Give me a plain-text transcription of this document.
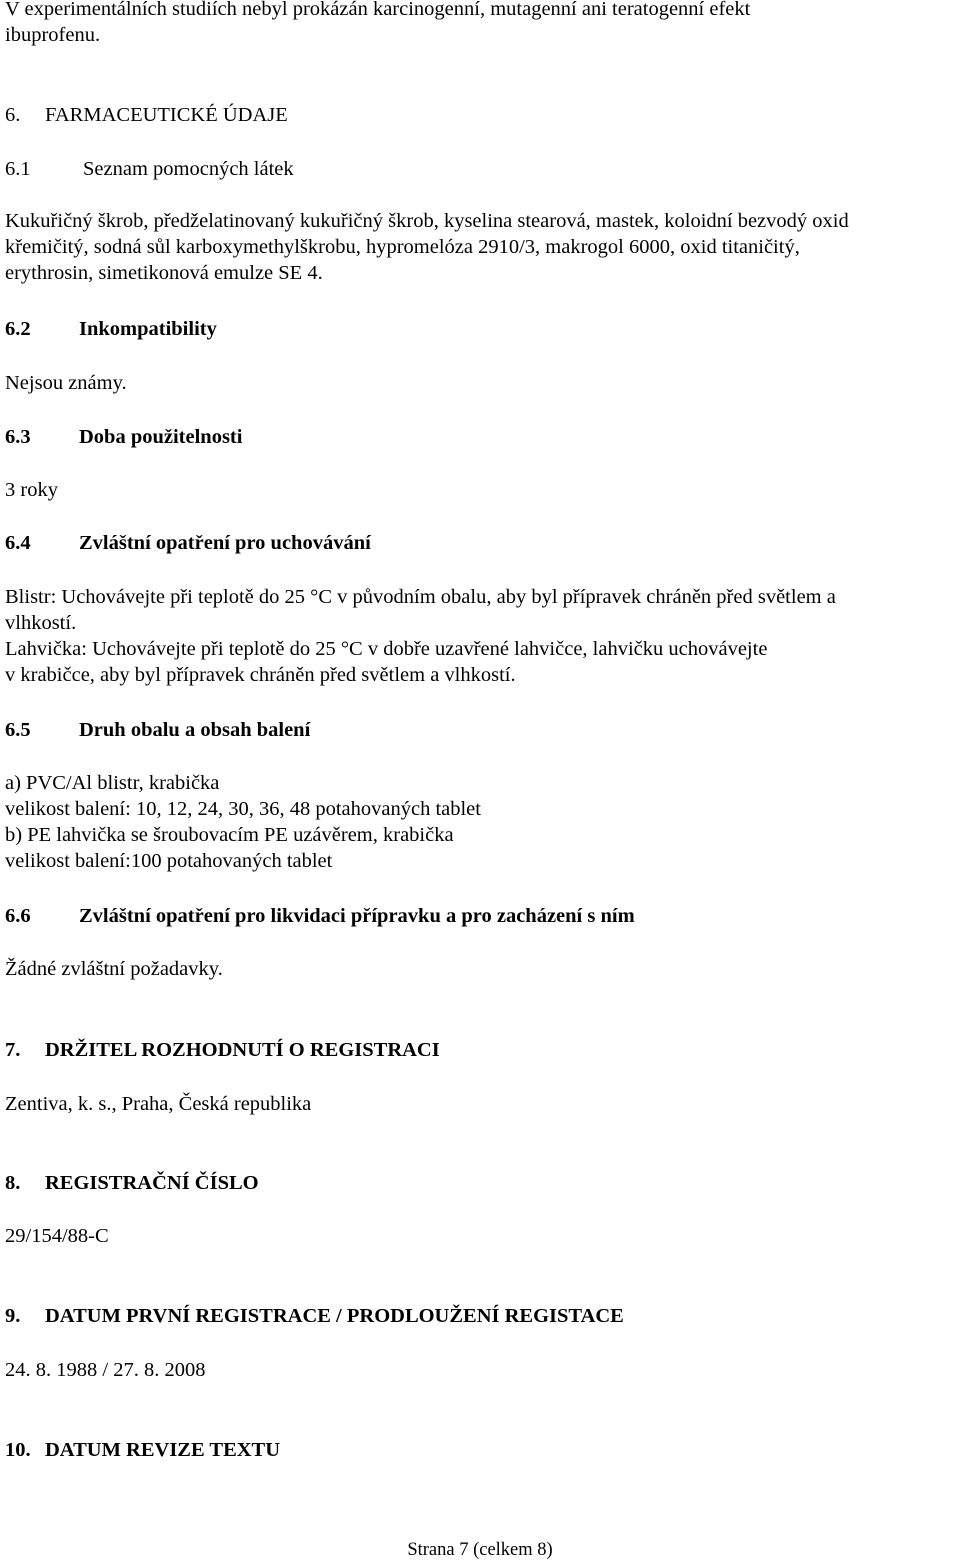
V experimentálních studiích nebyl prokázán karcinogenní, mutagenní ani teratogenní efekt

ibuprofenu.

6. FARMACEUTICKÉ ÚDAJE

6.1	Seznam pomocných látek

Kukuřičný škrob, předželatinovaný kukuřičný škrob, kyselina stearová, mastek, koloidní bezvodý oxid

křemičitý, sodná sůl karboxymethylškrobu, hypromelóza 2910/3, makrogol 6000, oxid titaničitý,

erythrosin, simetikonová emulze SE 4.

6.2 Inkompatibility

Nejsou známy.

6.3 Doba použitelnosti

3 roky

6.4 Zvláštní opatření pro uchovávání

Blistr: Uchovávejte při teplotě do 25 °C v původním obalu, aby byl přípravek chráněn před světlem a

vlhkostí.

Lahvička: Uchovávejte při teplotě do 25 °C v dobře uzavřené lahvičce, lahvičku uchovávejte

v krabičce, aby byl přípravek chráněn před světlem a vlhkostí.

6.5 Druh obalu a obsah balení

a) PVC/Al blistr, krabička

velikost balení: 10, 12, 24, 30, 36, 48 potahovaných tablet

b) PE lahvička se šroubovacím PE uzávěrem, krabička

velikost balení:100 potahovaných tablet

6.6 Zvláštní opatření pro likvidaci přípravku a pro zacházení s ním

Žádné zvláštní požadavky.

7. DRŽITEL ROZHODNUTÍ O REGISTRACI

Zentiva, k. s., Praha, Česká republika

8. REGISTRAČNÍ ČÍSLO

29/154/88-C

9. DATUM PRVNÍ REGISTRACE / PRODLOUŽENÍ REGISTACE

24. 8. 1988 / 27. 8. 2008

10. DATUM REVIZE TEXTU

Strana 7 (celkem 8)
